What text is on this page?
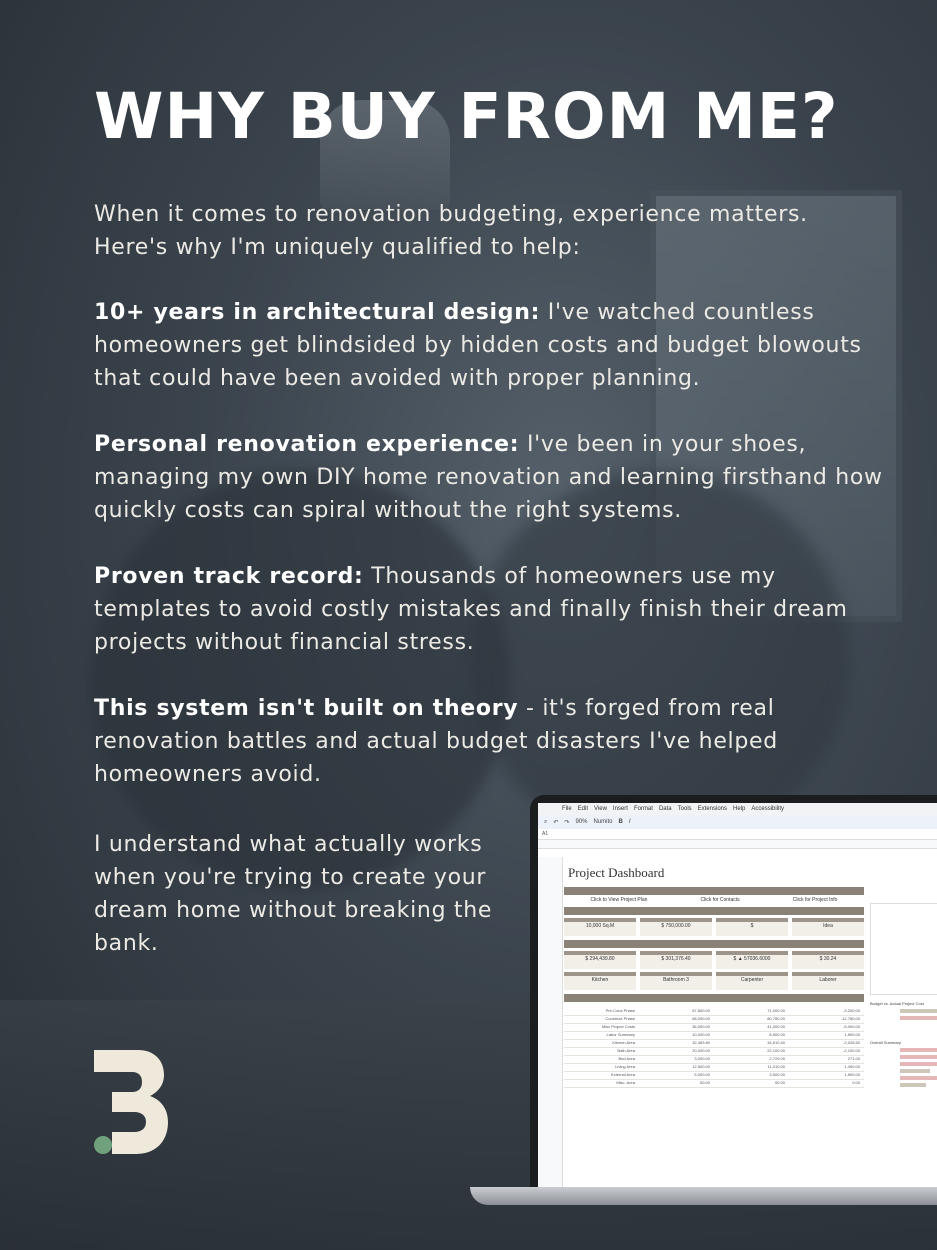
WHY BUY FROM ME?

When it comes to renovation budgeting, experience matters. Here's why I'm uniquely qualified to help:

10+ years in architectural design: I've watched countless homeowners get blindsided by hidden costs and budget blowouts that could have been avoided with proper planning.

Personal renovation experience: I've been in your shoes, managing my own DIY home renovation and learning firsthand how quickly costs can spiral without the right systems.

Proven track record: Thousands of homeowners use my templates to avoid costly mistakes and finally finish their dream projects without financial stress.

This system isn't built on theory - it's forged from real renovation battles and actual budget disasters I've helped homeowners avoid.

I understand what actually works when you're trying to create your dream home without breaking the bank.

File Edit View Insert Format Data Tools Extensions Help Accessibility
⌕ ↶ ↷ 90% Numito B I
A1
Project Dashboard
Click to View Project Plan	Click for Contacts	Click for Project Info
10,000 Sq.M	$ 750,000.00	$	Idea
$ 294,439.80	$ 301,376.40	$ ▲ 57036.6000	$ 30.24
Kitchen	Bathroom 3	Carpenter	Laborer
Pre-Cons Phase	67,800.00	71,000.00	-3,200.00
Construct Phase	68,000.00	80,780.00	-12,780.00
Misc Project Costs	36,000.00	41,000.00	-5,000.00
Labor Summary	10,000.00	8,500.00	1,500.00
Kitchen Area	32,483.80	34,510.40	-2,026.60
Bath Area	20,000.00	22,100.00	-2,100.00
Bed Area	3,000.00	2,729.00	271.00
Living Area	12,500.00	11,010.00	1,490.00
External Area	5,000.00	3,500.00	1,500.00
Misc. Area	50.00	50.00	0.00
Budget vs. Actual Project Cost
Overall Summary
